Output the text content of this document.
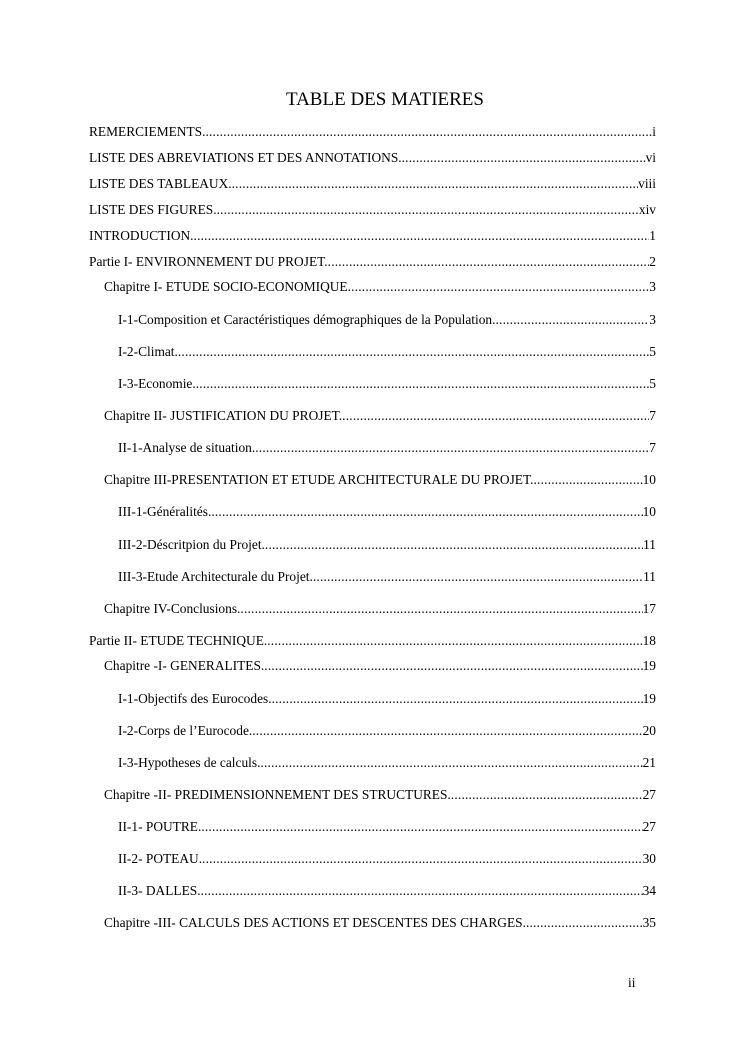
TABLE DES MATIERES
REMERCIEMENTS. .....	i
LISTE DES ABREVIATIONS ET DES ANNOTATIONS. .....	vi
LISTE DES TABLEAUX. .....	viii
LISTE DES FIGURES. .....	xiv
INTRODUCTION. .....	1
Partie I- ENVIRONNEMENT DU PROJET. .....	2
Chapitre I- ETUDE SOCIO-ECONOMIQUE .....	3
I-1-Composition et Caractéristiques démographiques de la Population. .....	3
I-2-Climat. .....	5
I-3-Economie. .....	5
Chapitre II- JUSTIFICATION DU PROJET. .....	7
II-1-Analyse de situation. .....	7
Chapitre III-PRESENTATION ET ETUDE ARCHITECTURALE DU PROJET. .....	10
III-1-Généralités. .....	10
III-2-Déscritpion du Projet. .....	11
III-3-Etude Architecturale du Projet. .....	11
Chapitre IV-Conclusions. .....	17
Partie II- ETUDE TECHNIQUE. .....	18
Chapitre -I- GENERALITES. .....	19
I-1-Objectifs des Eurocodes. .....	19
I-2-Corps de l’Eurocode. .....	20
I-3-Hypotheses de calculs. .....	21
Chapitre -II- PREDIMENSIONNEMENT DES STRUCTURES. .....	27
II-1- POUTRE. .....	27
II-2- POTEAU. .....	30
II-3- DALLES. .....	34
Chapitre -III- CALCULS DES ACTIONS ET DESCENTES DES CHARGES. .....	35
ii
